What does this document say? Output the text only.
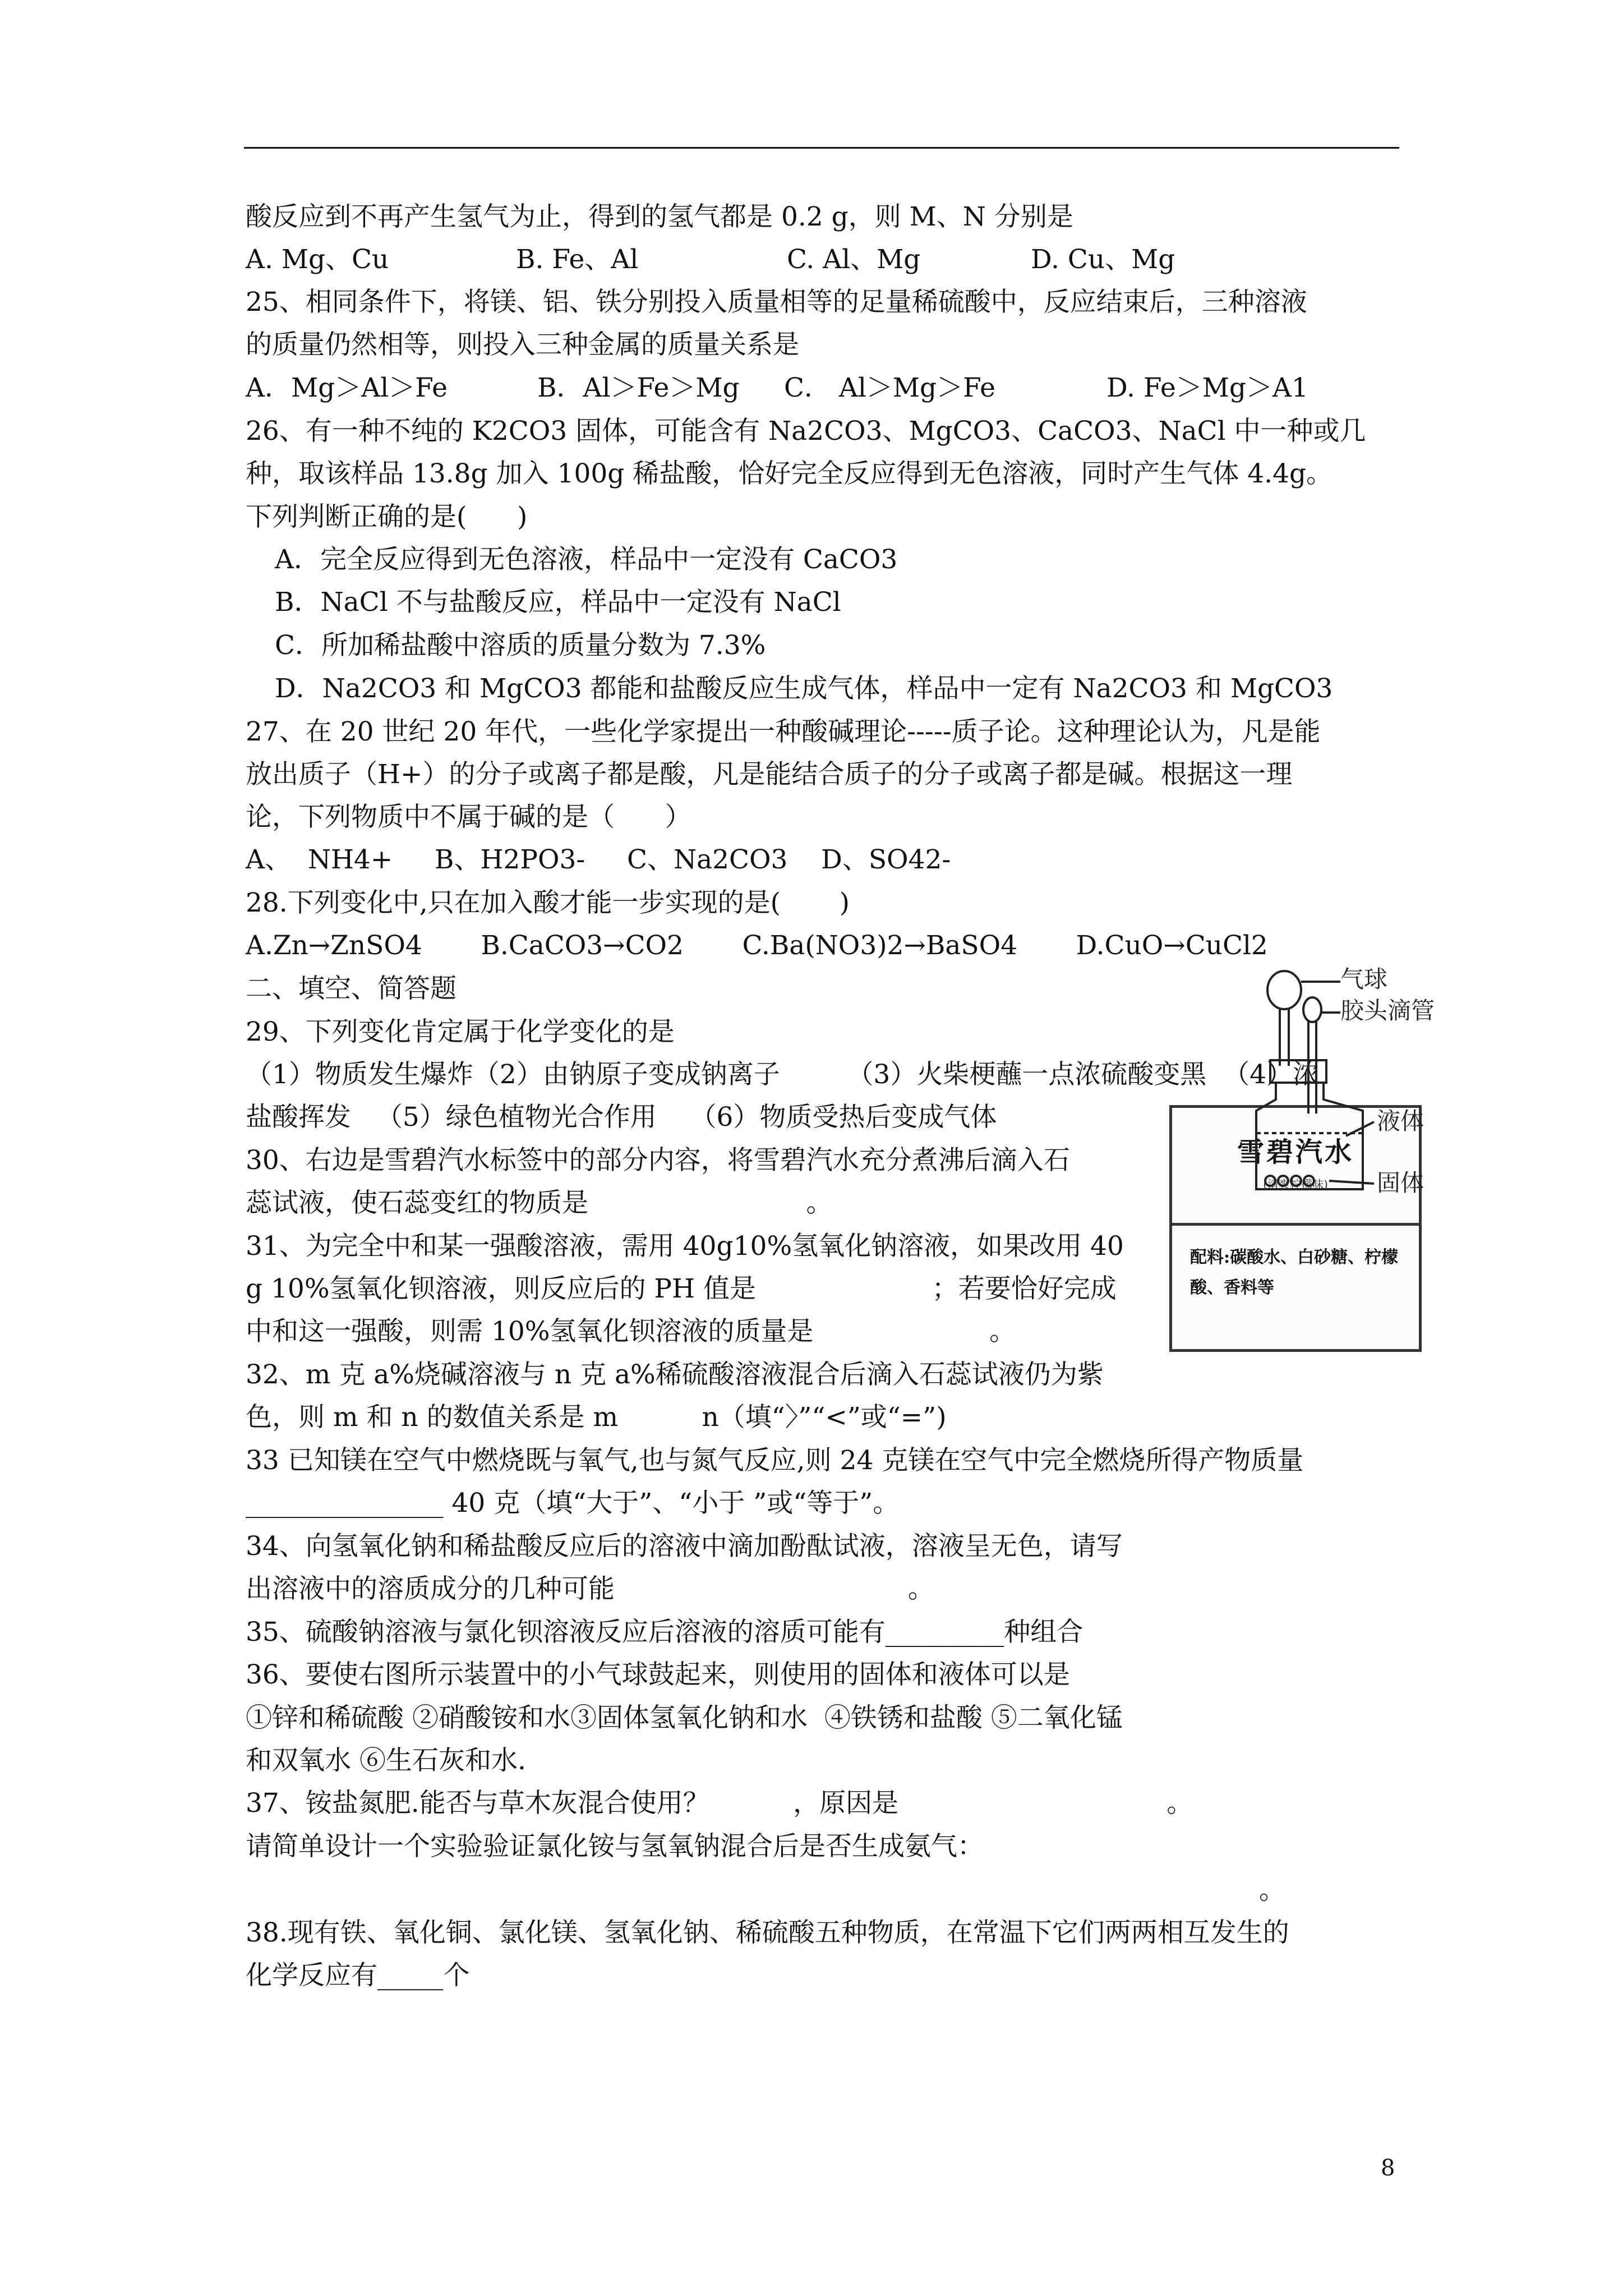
酸反应到不再产生氢气为止，得到的氢气都是 0.2 g，则 M、N 分别是

A. Mg、Cu

	B. Fe、Al

	C. Al、Mg

	D. Cu、Mg

25、相同条件下，将镁、铝、铁分别投入质量相等的足量稀硫酸中，反应结束后，三种溶液
的质量仍然相等，则投入三种金属的质量关系是

A．Mg＞Al＞Fe

	B．Al＞Fe＞Mg

C． Al＞Mg＞Fe

	D. Fe＞Mg＞A1

26、有一种不纯的 K2CO3 固体，可能含有 Na2CO3、MgCO3、CaCO3、NaCl 中一种或几
种，取该样品 13.8g 加入 100g 稀盐酸，恰好完全反应得到无色溶液，同时产生气体 4.4g。
下列判断正确的是(      )
A．完全反应得到无色溶液，样品中一定没有 CaCO3
B．NaCl 不与盐酸反应，样品中一定没有 NaCl
C．所加稀盐酸中溶质的质量分数为 7.3%
D．Na2CO3 和 MgCO3 都能和盐酸反应生成气体，样品中一定有 Na2CO3 和 MgCO3
27、在 20 世纪 20 年代，一些化学家提出一种酸碱理论-----质子论。这种理论认为，凡是能
放出质子（H+）的分子或离子都是酸，凡是能结合质子的分子或离子都是碱。根据这一理
论，下列物质中不属于碱的是（      ）
A、  NH4+     B、H2PO3-     C、Na2CO3    D、SO42-
28.下列变化中,只在加入酸才能一步实现的是(       )
A.Zn→ZnSO4       B.CaCO3→CO2       C.Ba(NO3)2→BaSO4       D.CuO→CuCl2
二、填空、简答题
29、下列变化肯定属于化学变化的是
（1）物质发生爆炸（2）由钠原子变成钠离子        （3）火柴梗蘸一点浓硫酸变黑  （4）浓
盐酸挥发   （5）绿色植物光合作用    （6）物质受热后变成气体
30、右边是雪碧汽水标签中的部分内容，将雪碧汽水充分煮沸后滴入石
蕊试液，使石蕊变红的物质是                          。
31、为完全中和某一强酸溶液，需用 40g10%氢氧化钠溶液，如果改用 40
g 10%氢氧化钡溶液，则反应后的 PH 值是                     ；若要恰好完成
中和这一强酸，则需 10%氢氧化钡溶液的质量是                     。
32、m 克 a%烧碱溶液与 n 克 a%稀硫酸溶液混合后滴入石蕊试液仍为紫
色，则 m 和 n 的数值关系是 m          n（填“〉”“<”或“=”)
33 已知镁在空气中燃烧既与氧气,也与氮气反应,则 24 克镁在空气中完全燃烧所得产物质量
_______________ 40 克（填“大于”、“小于 ”或“等于”。
34、向氢氧化钠和稀盐酸反应后的溶液中滴加酚酞试液，溶液呈无色，请写
出溶液中的溶质成分的几种可能                                   。
35、硫酸钠溶液与氯化钡溶液反应后溶液的溶质可能有_________种组合
36、要使右图所示装置中的小气球鼓起来，则使用的固体和液体可以是
①锌和稀硫酸 ②硝酸铵和水③固体氢氧化钠和水  ④铁锈和盐酸 ⑤二氧化锰
和双氧水 ⑥生石灰和水.
37、铵盐氮肥.能否与草木灰混合使用？          ，原因是                                。
请简单设计一个实验验证氯化铵与氢氧钠混合后是否生成氨气：
。
38.现有铁、氧化铜、氯化镁、氢氧化钠、稀硫酸五种物质，在常温下它们两两相互发生的
化学反应有_____个
雪碧汽水
(清爽柠檬味)
配料:碳酸水、白砂糖、柠檬酸、香料等
气球
胶头滴管
液体
固体
8
